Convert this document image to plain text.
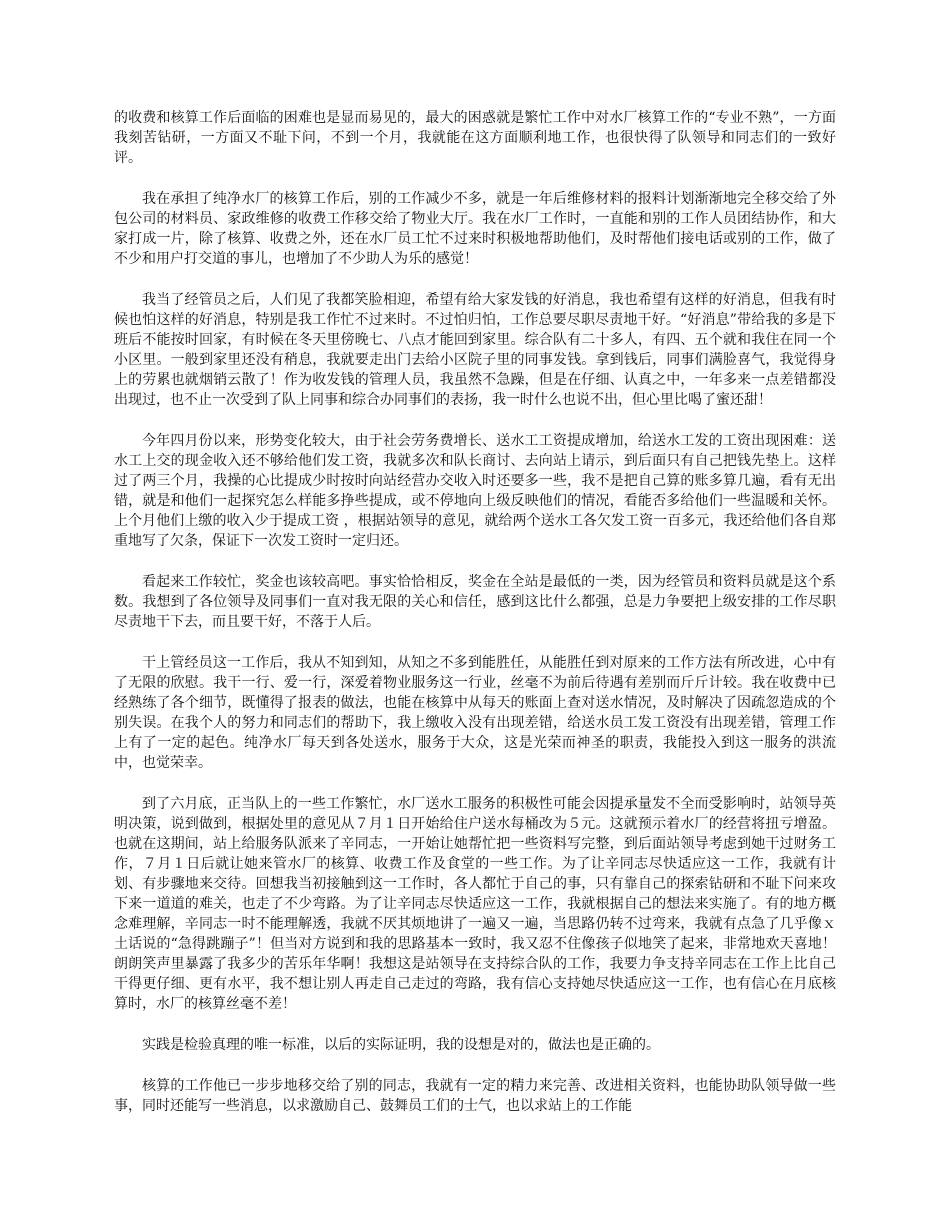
的收费和核算工作后面临的困难也是显而易见的，最大的困惑就是繁忙工作中对水厂核算工作的“专业不熟”，一方面我刻苦钻研，一方面又不耻下问，不到一个月，我就能在这方面顺利地工作，也很快得了队领导和同志们的一致好评。

我在承担了纯净水厂的核算工作后，别的工作减少不多，就是一年后维修材料的报料计划渐渐地完全移交给了外包公司的材料员、家政维修的收费工作移交给了物业大厅。我在水厂工作时，一直能和别的工作人员团结协作，和大家打成一片，除了核算、收费之外，还在水厂员工忙不过来时积极地帮助他们，及时帮他们接电话或别的工作，做了不少和用户打交道的事儿，也增加了不少助人为乐的感觉！

我当了经管员之后，人们见了我都笑脸相迎，希望有给大家发钱的好消息，我也希望有这样的好消息，但我有时候也怕这样的好消息，特别是我工作忙不过来时。不过怕归怕，工作总要尽职尽责地干好。“好消息”带给我的多是下班后不能按时回家，有时候在冬天里傍晚七、八点才能回到家里。综合队有二十多人，有四、五个就和我住在同一个小区里。一般到家里还没有稍息，我就要走出门去给小区院子里的同事发钱。拿到钱后，同事们满脸喜气，我觉得身上的劳累也就烟销云散了！作为收发钱的管理人员，我虽然不急躁，但是在仔细、认真之中，一年多来一点差错都没出现过，也不止一次受到了队上同事和综合办同事们的表扬，我一时什么也说不出，但心里比喝了蜜还甜！

今年四月份以来，形势变化较大，由于社会劳务费增长、送水工工资提成增加，给送水工发的工资出现困难：送水工上交的现金收入还不够给他们发工资，我就多次和队长商讨、去向站上请示，到后面只有自己把钱先垫上。这样过了两三个月，我操的心比提成少时按时向站经营办交收入时还要多一些，我不是把自己算的账多算几遍，看有无出错，就是和他们一起探究怎么样能多挣些提成，或不停地向上级反映他们的情况，看能否多给他们一些温暖和关怀。上个月他们上缴的收入少于提成工资 ，根据站领导的意见，就给两个送水工各欠发工资一百多元，我还给他们各自郑重地写了欠条，保证下一次发工资时一定归还。

看起来工作较忙，奖金也该较高吧。事实恰恰相反，奖金在全站是最低的一类，因为经管员和资料员就是这个系数。我想到了各位领导及同事们一直对我无限的关心和信任，感到这比什么都强，总是力争要把上级安排的工作尽职尽责地干下去，而且要干好，不落于人后。

干上管经员这一工作后，我从不知到知，从知之不多到能胜任，从能胜任到对原来的工作方法有所改进，心中有了无限的欣慰。我干一行、爱一行，深爱着物业服务这一行业，丝毫不为前后待遇有差别而斤斤计较。我在收费中已经熟练了各个细节，既懂得了报表的做法，也能在核算中从每天的账面上查对送水情况，及时解决了因疏忽造成的个别失误。在我个人的努力和同志们的帮助下，我上缴收入没有出现差错，给送水员工发工资没有出现差错，管理工作上有了一定的起色。纯净水厂每天到各处送水，服务于大众，这是光荣而神圣的职责，我能投入到这一服务的洪流中，也觉荣幸。

到了六月底，正当队上的一些工作繁忙，水厂送水工服务的积极性可能会因提承量发不全而受影响时，站领导英明决策，说到做到，根据处里的意见从７月１日开始给住户送水每桶改为５元。这就预示着水厂的经营将扭亏增盈。也就在这期间，站上给服务队派来了辛同志，一开始让她帮忙把一些资料写完整，到后面站领导考虑到她干过财务工作，７月１日后就让她来管水厂的核算、收费工作及食堂的一些工作。为了让辛同志尽快适应这一工作，我就有计划、有步骤地来交待。回想我当初接触到这一工作时，各人都忙于自己的事，只有靠自己的探索钻研和不耻下问来攻下来一道道的难关，也走了不少弯路。为了让辛同志尽快适应这一工作，我就根据自己的想法来实施了。有的地方概念难理解，辛同志一时不能理解透，我就不厌其烦地讲了一遍又一遍，当思路仍转不过弯来，我就有点急了几乎像ｘ土话说的“急得跳蹦子”！但当对方说到和我的思路基本一致时，我又忍不住像孩子似地笑了起来，非常地欢天喜地！朗朗笑声里暴露了我多少的苦乐年华啊！我想这是站领导在支持综合队的工作，我要力争支持辛同志在工作上比自己干得更仔细、更有水平，我不想让别人再走自己走过的弯路，我有信心支持她尽快适应这一工作，也有信心在月底核算时，水厂的核算丝毫不差！

实践是检验真理的唯一标准，以后的实际证明，我的设想是对的，做法也是正确的。

核算的工作他已一步步地移交给了别的同志，我就有一定的精力来完善、改进相关资料，也能协助队领导做一些事，同时还能写一些消息，以求激励自己、鼓舞员工们的士气，也以求站上的工作能
